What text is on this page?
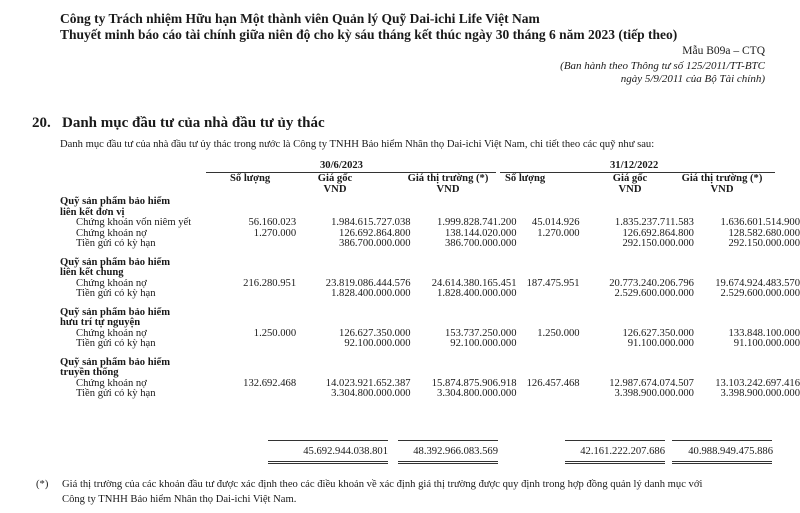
Công ty Trách nhiệm Hữu hạn Một thành viên Quản lý Quỹ Dai-ichi Life Việt Nam
Thuyết minh báo cáo tài chính giữa niên độ cho kỳ sáu tháng kết thúc ngày 30 tháng 6 năm 2023 (tiếp theo)
Mẫu B09a – CTQ
(Ban hành theo Thông tư số 125/2011/TT-BTC
ngày 5/9/2011 của Bộ Tài chính)
20. Danh mục đầu tư của nhà đầu tư ủy thác
Danh mục đầu tư của nhà đầu tư ủy thác trong nước là Công ty TNHH Bảo hiểm Nhân thọ Dai-ichi Việt Nam, chi tiết theo các quỹ như sau:
30/6/2023	31/12/2022
Số lượng	Giá gốc
VND
Giá thị trường (*)
VND
Số lượng	Giá gốc
VND
Giá thị trường (*)
VND
Quỹ sản phẩm bảo hiểm						
liên kết đơn vị						
Chứng khoán vốn niêm yết	56.160.023	1.984.615.727.038	1.999.828.741.200	45.014.926	1.835.237.711.583	1.636.601.514.900
Chứng khoán nợ	1.270.000	126.692.864.800	138.144.020.000	1.270.000	126.692.864.800	128.582.680.000
Tiền gửi có kỳ hạn		386.700.000.000	386.700.000.000		292.150.000.000	292.150.000.000

Quỹ sản phẩm bảo hiểm						
liên kết chung						
Chứng khoán nợ	216.280.951	23.819.086.444.576	24.614.380.165.451	187.475.951	20.773.240.206.796	19.674.924.483.570
Tiền gửi có kỳ hạn		1.828.400.000.000	1.828.400.000.000		2.529.600.000.000	2.529.600.000.000

Quỹ sản phẩm bảo hiểm						
hưu trí tự nguyện						
Chứng khoán nợ	1.250.000	126.627.350.000	153.737.250.000	1.250.000	126.627.350.000	133.848.100.000
Tiền gửi có kỳ hạn		92.100.000.000	92.100.000.000		91.100.000.000	91.100.000.000

Quỹ sản phẩm bảo hiểm						
truyền thống						
Chứng khoán nợ	132.692.468	14.023.921.652.387	15.874.875.906.918	126.457.468	12.987.674.074.507	13.103.242.697.416
Tiền gửi có kỳ hạn		3.304.800.000.000	3.304.800.000.000		3.398.900.000.000	3.398.900.000.000
45.692.944.038.801	48.392.966.083.569	42.161.222.207.686	40.988.949.475.886
(*) Giá thị trường của các khoản đầu tư được xác định theo các điều khoản về xác định giá thị trường được quy định trong hợp đồng quản lý danh mục với
Công ty TNHH Bảo hiểm Nhân thọ Dai-ichi Việt Nam.
